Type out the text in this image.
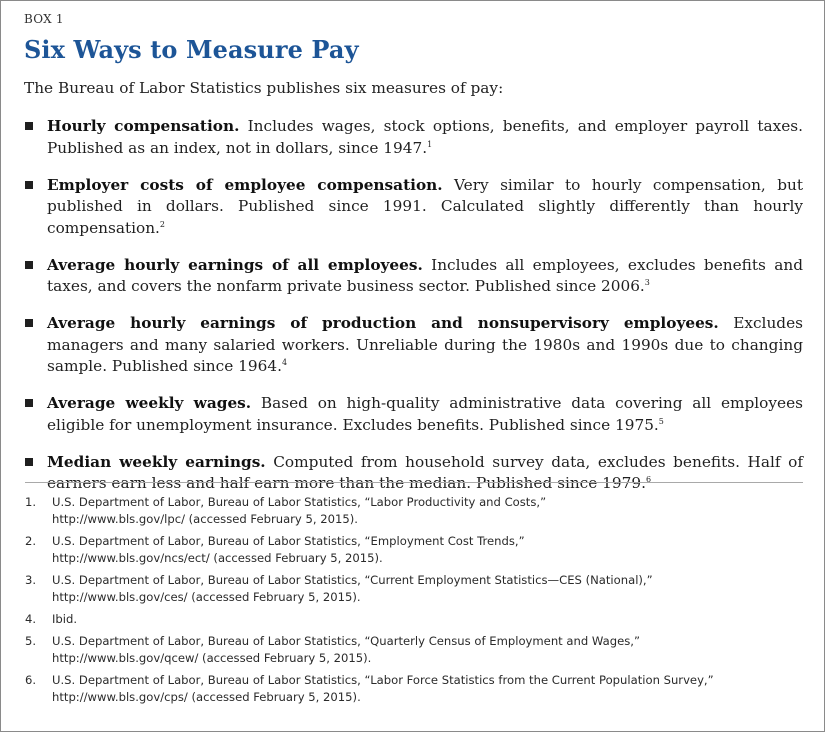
BOX 1
Six Ways to Measure Pay
The Bureau of Labor Statistics publishes six measures of pay:
Hourly compensation. Includes wages, stock options, benefits, and employer payroll taxes. Published as an index, not in dollars, since 1947.$^1$
Employer costs of employee compensation. Very similar to hourly compensation, but published in dollars. Published since 1991. Calculated slightly differently than hourly compensation.$^2$
Average hourly earnings of all employees. Includes all employees, excludes benefits and taxes, and covers the nonfarm private business sector. Published since 2006.$^3$
Average hourly earnings of production and nonsupervisory employees. Excludes managers and many salaried workers. Unreliable during the 1980s and 1990s due to changing sample. Published since 1964.$^4$
Average weekly wages. Based on high-quality administrative data covering all employees eligible for unemployment insurance. Excludes benefits. Published since 1975.$^5$
Median weekly earnings. Computed from household survey data, excludes benefits. Half of earners earn less and half earn more than the median. Published since 1979.$^6$
1. U.S. Department of Labor, Bureau of Labor Statistics, “Labor Productivity and Costs,”
http://www.bls.gov/lpc/ (accessed February 5, 2015).
2. U.S. Department of Labor, Bureau of Labor Statistics, “Employment Cost Trends,”
http://www.bls.gov/ncs/ect/ (accessed February 5, 2015).
3. U.S. Department of Labor, Bureau of Labor Statistics, “Current Employment Statistics—CES (National),”
http://www.bls.gov/ces/ (accessed February 5, 2015).
4. Ibid.
5. U.S. Department of Labor, Bureau of Labor Statistics, “Quarterly Census of Employment and Wages,”
http://www.bls.gov/qcew/ (accessed February 5, 2015).
6. U.S. Department of Labor, Bureau of Labor Statistics, “Labor Force Statistics from the Current Population Survey,”
http://www.bls.gov/cps/ (accessed February 5, 2015).
